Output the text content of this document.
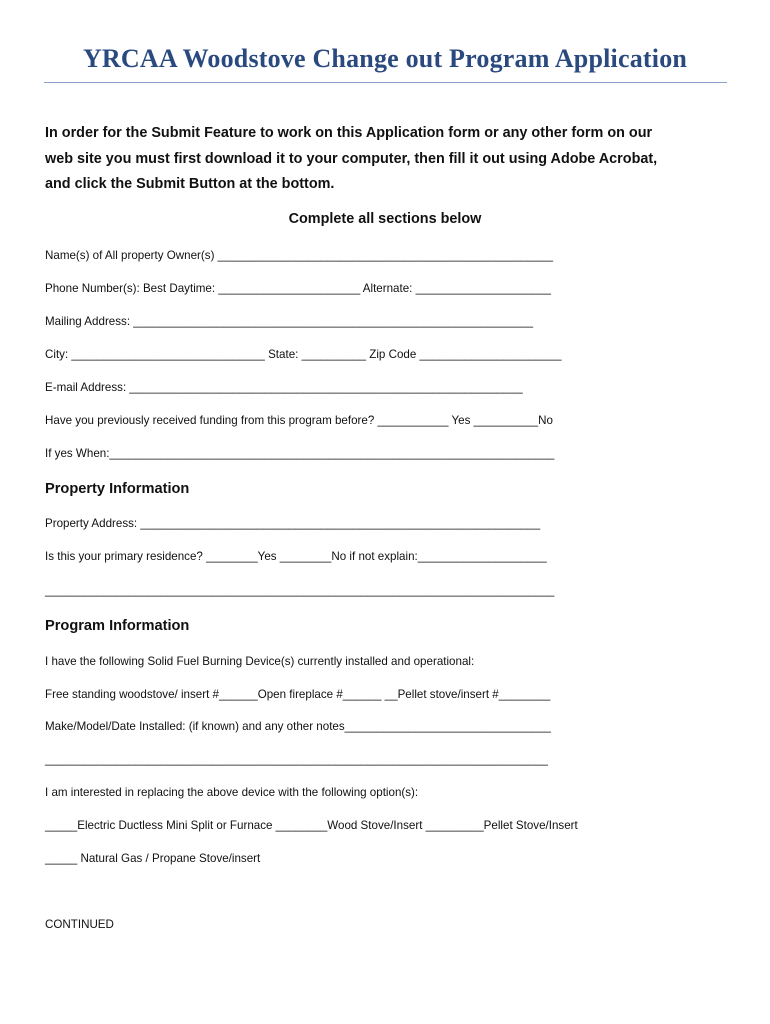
YRCAA Woodstove Change out Program Application
In order for the Submit Feature to work on this Application form or any other form on our
web site you must first download it to your computer, then fill it out using Adobe Acrobat,
and click the Submit Button at the bottom.
Complete all sections below
Name(s) of All property Owner(s) ____________________________________________________
Phone Number(s): Best Daytime: ______________________ Alternate: _____________________
Mailing Address: ______________________________________________________________
City: ______________________________ State: __________ Zip Code ______________________
E-mail Address: _____________________________________________________________
Have you previously received funding from this program before? ___________ Yes __________No
If yes When:_____________________________________________________________________
Property Information
Property Address: ______________________________________________________________
Is this your primary residence? ________Yes ________No if not explain:____________________
_______________________________________________________________________________
Program Information
I have the following Solid Fuel Burning Device(s) currently installed and operational:
Free standing woodstove/ insert #______Open fireplace #______ __Pellet stove/insert #________
Make/Model/Date Installed: (if known) and any other notes________________________________
______________________________________________________________________________
I am interested in replacing the above device with the following option(s):
_____Electric Ductless Mini Split or Furnace ________Wood Stove/Insert _________Pellet Stove/Insert
_____ Natural Gas / Propane Stove/insert
CONTINUED
